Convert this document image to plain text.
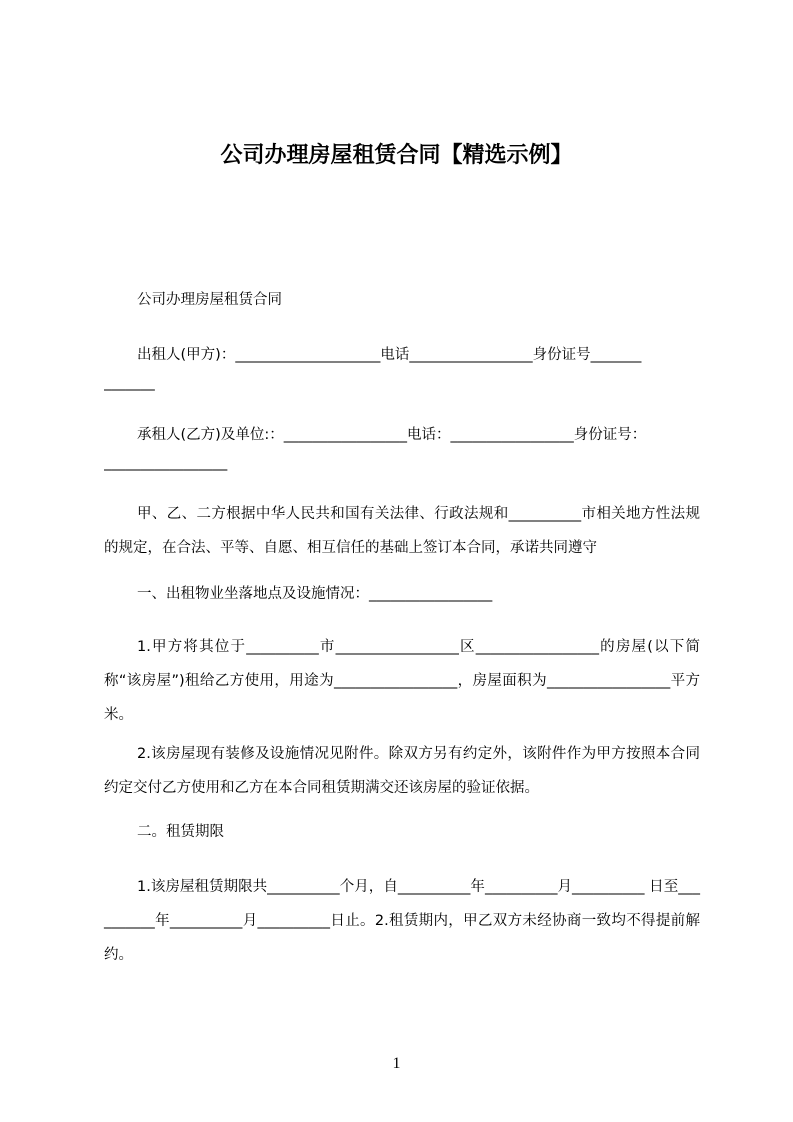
公司办理房屋租赁合同【精选示例】
公司办理房屋租赁合同
出租人(甲方)：____________________电话_________________身份证号_______
_______
承租人(乙方)及单位:：_________________电话：_________________身份证号：
_________________
甲、乙、二方根据中华人民共和国有关法律、行政法规和__________市相关地方性法规的规定，在合法、平等、自愿、相互信任的基础上签订本合同，承诺共同遵守
一、出租物业坐落地点及设施情况：_________________
1.甲方将其位于__________市_________________区_________________的房屋(以下简称“该房屋”)租给乙方使用，用途为_________________，房屋面积为_________________平方米。
2.该房屋现有装修及设施情况见附件。除双方另有约定外，该附件作为甲方按照本合同约定交付乙方使用和乙方在本合同租赁期满交还该房屋的验证依据。
二。租赁期限
1.该房屋租赁期限共__________个月，自__________年__________月__________ 日至__________年__________月__________日止。2.租赁期内，甲乙双方未经协商一致均不得提前解约。
1
